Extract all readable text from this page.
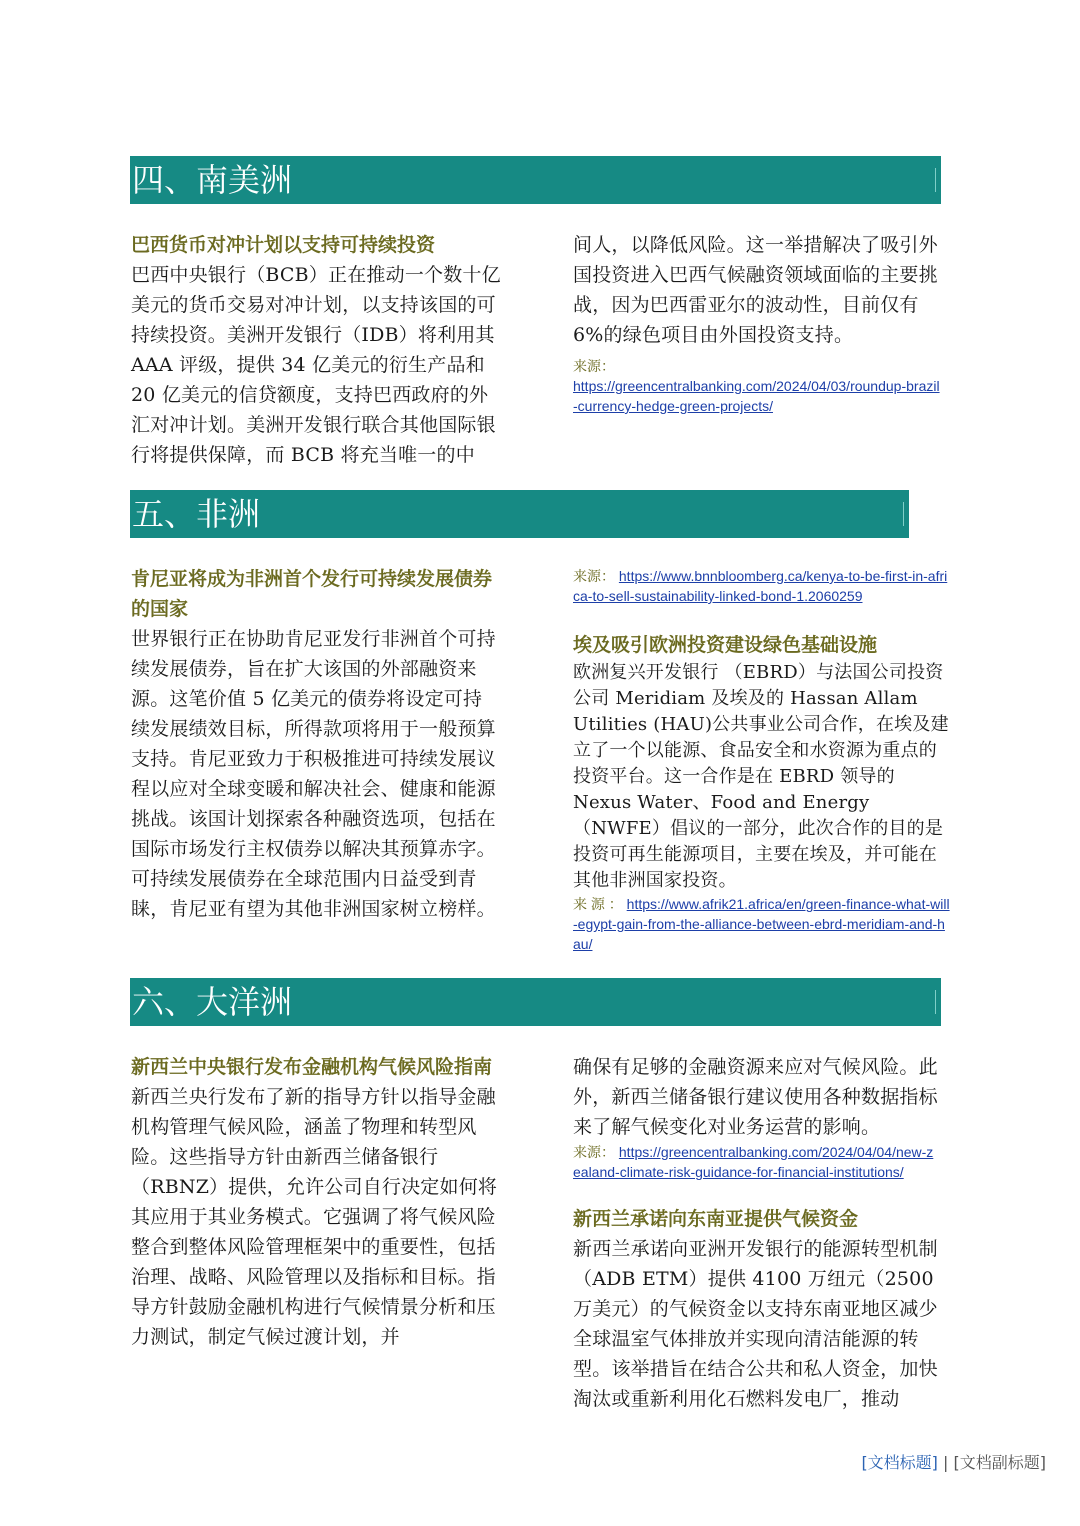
四、南美洲

巴西货币对冲计划以支持可持续投资

巴西中央银行（BCB）正在推动一个数十亿美元的货币交易对冲计划，以支持该国的可持续投资。美洲开发银行（IDB）将利用其 AAA 评级，提供 34 亿美元的衍生产品和 20 亿美元的信贷额度，支持巴西政府的外汇对冲计划。美洲开发银行联合其他国际银行将提供保障，而 BCB 将充当唯一的中

间人，以降低风险。这一举措解决了吸引外国投资进入巴西气候融资领域面临的主要挑战，因为巴西雷亚尔的波动性，目前仅有 6%的绿色项目由外国投资支持。

来源：
https://greencentralbanking.com/2024/04/03/roundup-brazil-currency-hedge-green-projects/

五、非洲

肯尼亚将成为非洲首个发行可持续发展债券的国家

世界银行正在协助肯尼亚发行非洲首个可持续发展债券，旨在扩大该国的外部融资来源。这笔价值 5 亿美元的债券将设定可持续发展绩效目标，所得款项将用于一般预算支持。肯尼亚致力于积极推进可持续发展议程以应对全球变暖和解决社会、健康和能源挑战。该国计划探索各种融资选项，包括在国际市场发行主权债券以解决其预算赤字。可持续发展债券在全球范围内日益受到青睐，肯尼亚有望为其他非洲国家树立榜样。

来源： https://www.bnnbloomberg.ca/kenya-to-be-first-in-africa-to-sell-sustainability-linked-bond-1.2060259

埃及吸引欧洲投资建设绿色基础设施

欧洲复兴开发银行 （EBRD）与法国公司投资公司 Meridiam 及埃及的 Hassan Allam Utilities (HAU)公共事业公司合作，在埃及建立了一个以能源、食品安全和水资源为重点的投资平台。这一合作是在 EBRD 领导的 Nexus Water、Food and Energy（NWFE）倡议的一部分，此次合作的目的是投资可再生能源项目，主要在埃及，并可能在其他非洲国家投资。

来 源 ： https://www.afrik21.africa/en/green-finance-what-will-egypt-gain-from-the-alliance-between-ebrd-meridiam-and-hau/

六、大洋洲

新西兰中央银行发布金融机构气候风险指南

新西兰央行发布了新的指导方针以指导金融机构管理气候风险，涵盖了物理和转型风险。这些指导方针由新西兰储备银行（RBNZ）提供，允许公司自行决定如何将其应用于其业务模式。它强调了将气候风险整合到整体风险管理框架中的重要性，包括治理、战略、风险管理以及指标和目标。指导方针鼓励金融机构进行气候情景分析和压力测试，制定气候过渡计划，并

确保有足够的金融资源来应对气候风险。此外，新西兰储备银行建议使用各种数据指标来了解气候变化对业务运营的影响。

来源： https://greencentralbanking.com/2024/04/04/new-zealand-climate-risk-guidance-for-financial-institutions/

新西兰承诺向东南亚提供气候资金

新西兰承诺向亚洲开发银行的能源转型机制（ADB ETM）提供 4100 万纽元（2500 万美元）的气候资金以支持东南亚地区减少全球温室气体排放并实现向清洁能源的转型。该举措旨在结合公共和私人资金，加快淘汰或重新利用化石燃料发电厂，推动

[文档标题] | [文档副标题]
